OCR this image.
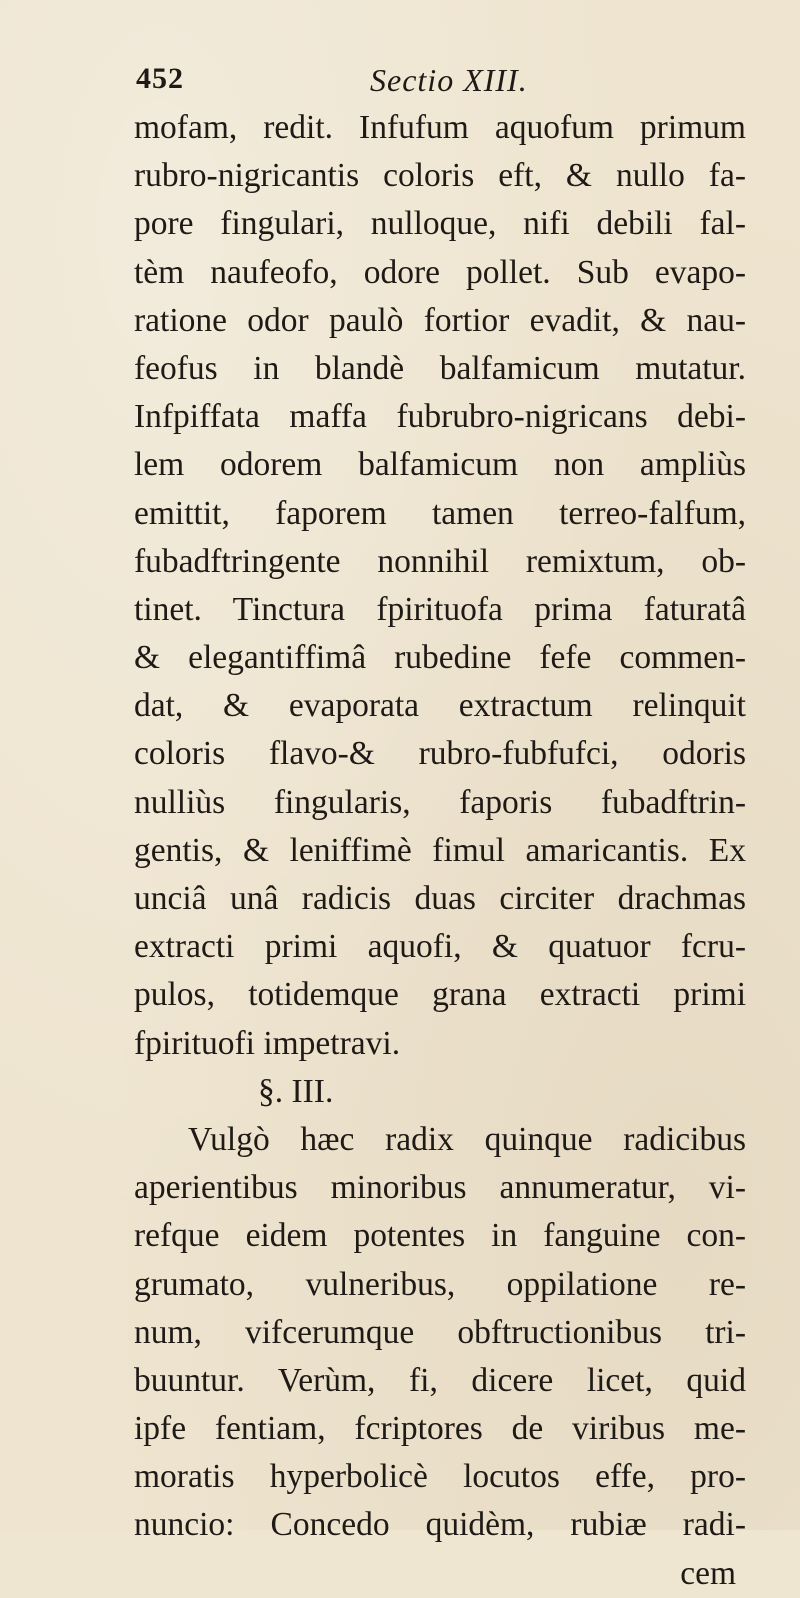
452	Sectio XIII.
mofam, redit. Infufum aquofum primum
rubro-nigricantis coloris eft, & nullo fa-
pore fingulari, nulloque, nifi debili fal-
tèm naufeofo, odore pollet. Sub evapo-
ratione odor paulò fortior evadit, & nau-
feofus in blandè balfamicum mutatur.
Infpiffata maffa fubrubro-nigricans debi-
lem odorem balfamicum non ampliùs
emittit, faporem tamen terreo-falfum,
fubadftringente nonnihil remixtum, ob-
tinet. Tinctura fpirituofa prima faturatâ
& elegantiffimâ rubedine fefe commen-
dat, & evaporata extractum relinquit
coloris flavo-& rubro-fubfufci, odoris
nulliùs fingularis, faporis fubadftrin-
gentis, & leniffimè fimul amaricantis. Ex
unciâ unâ radicis duas circiter drachmas
extracti primi aquofi, & quatuor fcru-
pulos, totidemque grana extracti primi
fpirituofi impetravi.
§. III.
Vulgò hæc radix quinque radicibus
aperientibus minoribus annumeratur, vi-
refque eidem potentes in fanguine con-
grumato, vulneribus, oppilatione re-
num, vifcerumque obftructionibus tri-
buuntur. Verùm, fi, dicere licet, quid
ipfe fentiam, fcriptores de viribus me-
moratis hyperbolicè locutos effe, pro-
nuncio: Concedo quidèm, rubiæ radi-
cem
